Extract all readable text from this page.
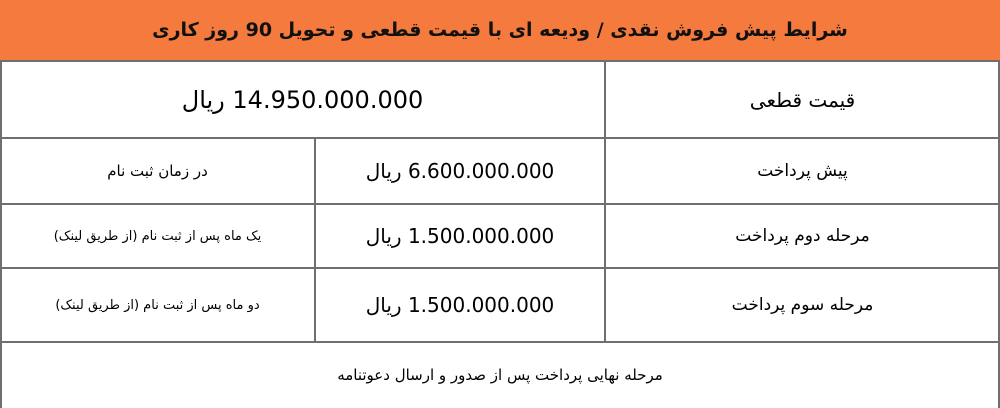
شرایط پیش فروش نقدی / ودیعه ای با قیمت قطعی و تحویل 90 روز کاری
قیمت قطعی
14.950.000.000 ریال
پیش پرداخت
6.600.000.000 ریال
در زمان ثبت نام
مرحله دوم پرداخت
1.500.000.000 ریال
یک ماه پس از ثبت نام (از طریق لینک)
مرحله سوم پرداخت
1.500.000.000 ریال
دو ماه پس از ثبت نام (از طریق لینک)
مرحله نهایی پرداخت پس از صدور و ارسال دعوتنامه
